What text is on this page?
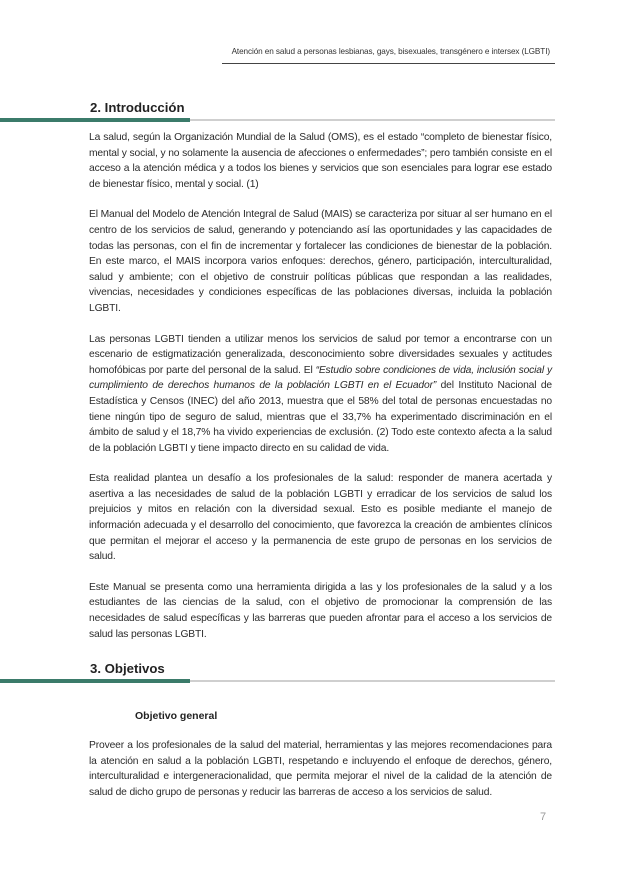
Atención en salud a personas lesbianas, gays, bisexuales, transgénero e intersex (LGBTI)
2. Introducción

La salud, según la Organización Mundial de la Salud (OMS), es el estado “completo de bienestar físico, mental y social, y no solamente la ausencia de afecciones o enfermedades”; pero también consiste en el acceso a la atención médica y a todos los bienes y servicios que son esenciales para lograr ese estado de bienestar físico, mental y social. (1)

El Manual del Modelo de Atención Integral de Salud (MAIS) se caracteriza por situar al ser humano en el centro de los servicios de salud, generando y potenciando así las oportunidades y las capacidades de todas las personas, con el fin de incrementar y fortalecer las condiciones de bienestar de la población. En este marco, el MAIS incorpora varios enfoques: derechos, género, participación, interculturalidad, salud y ambiente; con el objetivo de construir políticas públicas que respondan a las realidades, vivencias, necesidades y condiciones específicas de las poblaciones diversas, incluida la población LGBTI.

Las personas LGBTI tienden a utilizar menos los servicios de salud por temor a encontrarse con un escenario de estigmatización generalizada, desconocimiento sobre diversidades sexuales y actitudes homofóbicas por parte del personal de la salud. El “Estudio sobre condiciones de vida, inclusión social y cumplimiento de derechos humanos de la población LGBTI en el Ecuador” del Instituto Nacional de Estadística y Censos (INEC) del año 2013, muestra que el 58% del total de personas encuestadas no tiene ningún tipo de seguro de salud, mientras que el 33,7% ha experimentado discriminación en el ámbito de salud y el 18,7% ha vivido experiencias de exclusión. (2) Todo este contexto afecta a la salud de la población LGBTI y tiene impacto directo en su calidad de vida.

Esta realidad plantea un desafío a los profesionales de la salud: responder de manera acertada y asertiva a las necesidades de salud de la población LGBTI y erradicar de los servicios de salud los prejuicios y mitos en relación con la diversidad sexual. Esto es posible mediante el manejo de información adecuada y el desarrollo del conocimiento, que favorezca la creación de ambientes clínicos que permitan el mejorar el acceso y la permanencia de este grupo de personas en los servicios de salud.

Este Manual se presenta como una herramienta dirigida a las y los profesionales de la salud y a los estudiantes de las ciencias de la salud, con el objetivo de promocionar la comprensión de las necesidades de salud específicas y las barreras que pueden afrontar para el acceso a los servicios de salud las personas LGBTI.

3. Objetivos
Objetivo general

Proveer a los profesionales de la salud del material, herramientas y las mejores recomendaciones para la atención en salud a la población LGBTI, respetando e incluyendo el enfoque de derechos, género, interculturalidad e intergeneracionalidad, que permita mejorar el nivel de la calidad de la atención de salud de dicho grupo de personas y reducir las barreras de acceso a los servicios de salud.

7
